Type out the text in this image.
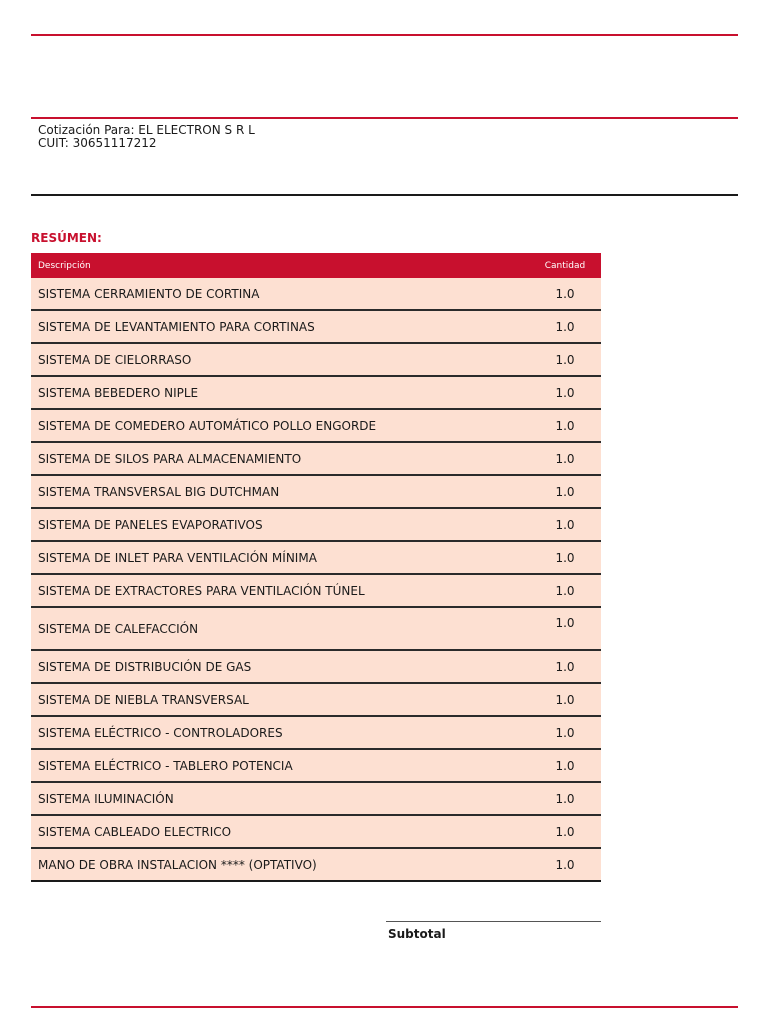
Cotización Para: EL ELECTRON S R L
CUIT: 30651117212
RESÚMEN:
Descripción	Cantidad
SISTEMA CERRAMIENTO DE CORTINA	1.0
SISTEMA DE LEVANTAMIENTO PARA CORTINAS	1.0
SISTEMA DE CIELORRASO	1.0
SISTEMA BEBEDERO NIPLE	1.0
SISTEMA DE COMEDERO AUTOMÁTICO POLLO ENGORDE	1.0
SISTEMA DE SILOS PARA ALMACENAMIENTO	1.0
SISTEMA TRANSVERSAL BIG DUTCHMAN	1.0
SISTEMA DE PANELES EVAPORATIVOS	1.0
SISTEMA DE INLET PARA VENTILACIÓN MÍNIMA	1.0
SISTEMA DE EXTRACTORES PARA VENTILACIÓN TÚNEL	1.0
SISTEMA DE CALEFACCIÓN	1.0
SISTEMA DE DISTRIBUCIÓN DE GAS	1.0
SISTEMA DE NIEBLA TRANSVERSAL	1.0
SISTEMA ELÉCTRICO - CONTROLADORES	1.0
SISTEMA ELÉCTRICO - TABLERO POTENCIA	1.0
SISTEMA ILUMINACIÓN	1.0
SISTEMA CABLEADO ELECTRICO	1.0
MANO DE OBRA INSTALACION **** (OPTATIVO)	1.0
Subtotal
